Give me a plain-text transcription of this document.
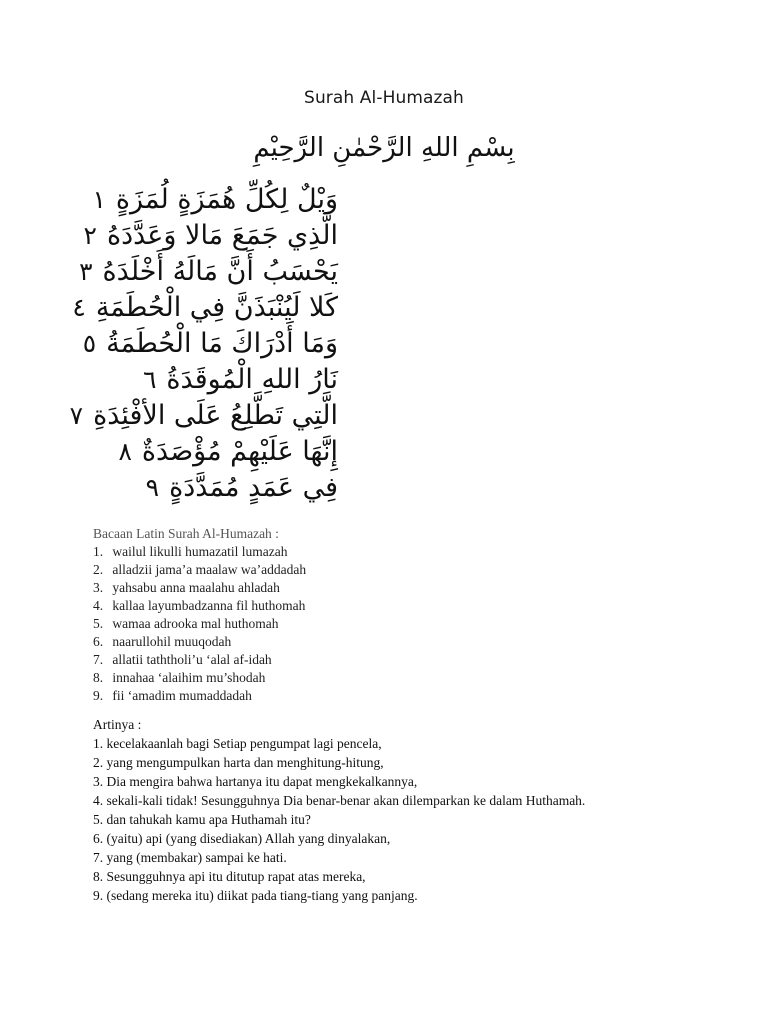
Surah Al-Humazah
بِسْمِ اللهِ الرَّحْمٰنِ الرَّحِيْمِ
١ وَيْلٌ لِكُلِّ هُمَزَةٍ لُمَزَةٍ
٢ الَّذِي جَمَعَ مَالا وَعَدَّدَهُ
٣ يَحْسَبُ أَنَّ مَالَهُ أَخْلَدَهُ
٤ كَلا لَيُنْبَذَنَّ فِي الْحُطَمَةِ
٥ وَمَا أَدْرَاكَ مَا الْحُطَمَةُ
٦ نَارُ اللهِ الْمُوقَدَةُ
٧ الَّتِي تَطَّلِعُ عَلَى الأفْئِدَةِ
٨ إِنَّهَا عَلَيْهِمْ مُؤْصَدَةٌ
٩ فِي عَمَدٍ مُمَدَّدَةٍ
Bacaan Latin Surah Al-Humazah :
1. wailul likulli humazatil lumazah
2. alladzii jama’a maalaw wa’addadah
3. yahsabu anna maalahu ahladah
4. kallaa layumbadzanna fil huthomah
5. wamaa adrooka mal huthomah
6. naarullohil muuqodah
7. allatii taththoli’u ‘alal af-idah
8. innahaa ‘alaihim mu’shodah
9. fii ‘amadim mumaddadah
Artinya :
1. kecelakaanlah bagi Setiap pengumpat lagi pencela,
2. yang mengumpulkan harta dan menghitung-hitung,
3. Dia mengira bahwa hartanya itu dapat mengkekalkannya,
4. sekali-kali tidak! Sesungguhnya Dia benar-benar akan dilemparkan ke dalam Huthamah.
5. dan tahukah kamu apa Huthamah itu?
6. (yaitu) api (yang disediakan) Allah yang dinyalakan,
7. yang (membakar) sampai ke hati.
8. Sesungguhnya api itu ditutup rapat atas mereka,
9. (sedang mereka itu) diikat pada tiang-tiang yang panjang.
